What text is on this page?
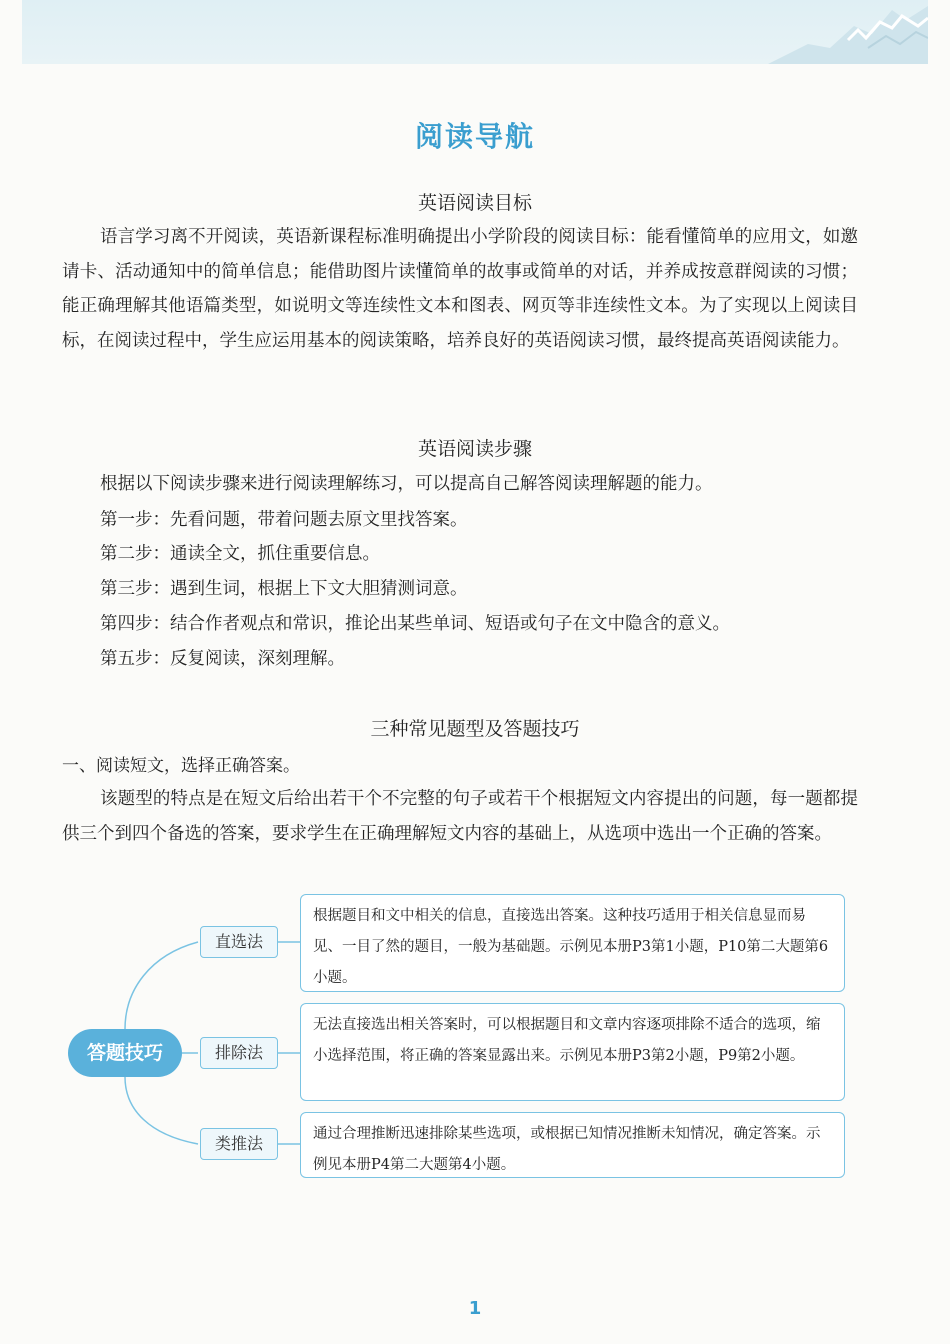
阅读导航
英语阅读目标
语言学习离不开阅读，英语新课程标准明确提出小学阶段的阅读目标：能看懂简单的应用文，如邀请卡、活动通知中的简单信息；能借助图片读懂简单的故事或简单的对话，并养成按意群阅读的习惯；能正确理解其他语篇类型，如说明文等连续性文本和图表、网页等非连续性文本。为了实现以上阅读目标，在阅读过程中，学生应运用基本的阅读策略，培养良好的英语阅读习惯，最终提高英语阅读能力。
英语阅读步骤
根据以下阅读步骤来进行阅读理解练习，可以提高自己解答阅读理解题的能力。
第一步：先看问题，带着问题去原文里找答案。
第二步：通读全文，抓住重要信息。
第三步：遇到生词，根据上下文大胆猜测词意。
第四步：结合作者观点和常识，推论出某些单词、短语或句子在文中隐含的意义。
第五步：反复阅读，深刻理解。
三种常见题型及答题技巧
一、阅读短文，选择正确答案。
该题型的特点是在短文后给出若干个不完整的句子或若干个根据短文内容提出的问题，每一题都提供三个到四个备选的答案，要求学生在正确理解短文内容的基础上，从选项中选出一个正确的答案。
答题技巧
直选法
排除法
类推法
根据题目和文中相关的信息，直接选出答案。这种技巧适用于相关信息显而易见、一目了然的题目，一般为基础题。示例见本册P3第1小题，P10第二大题第6小题。
无法直接选出相关答案时，可以根据题目和文章内容逐项排除不适合的选项，缩小选择范围，将正确的答案显露出来。示例见本册P3第2小题，P9第2小题。
通过合理推断迅速排除某些选项，或根据已知情况推断未知情况，确定答案。示例见本册P4第二大题第4小题。
1
